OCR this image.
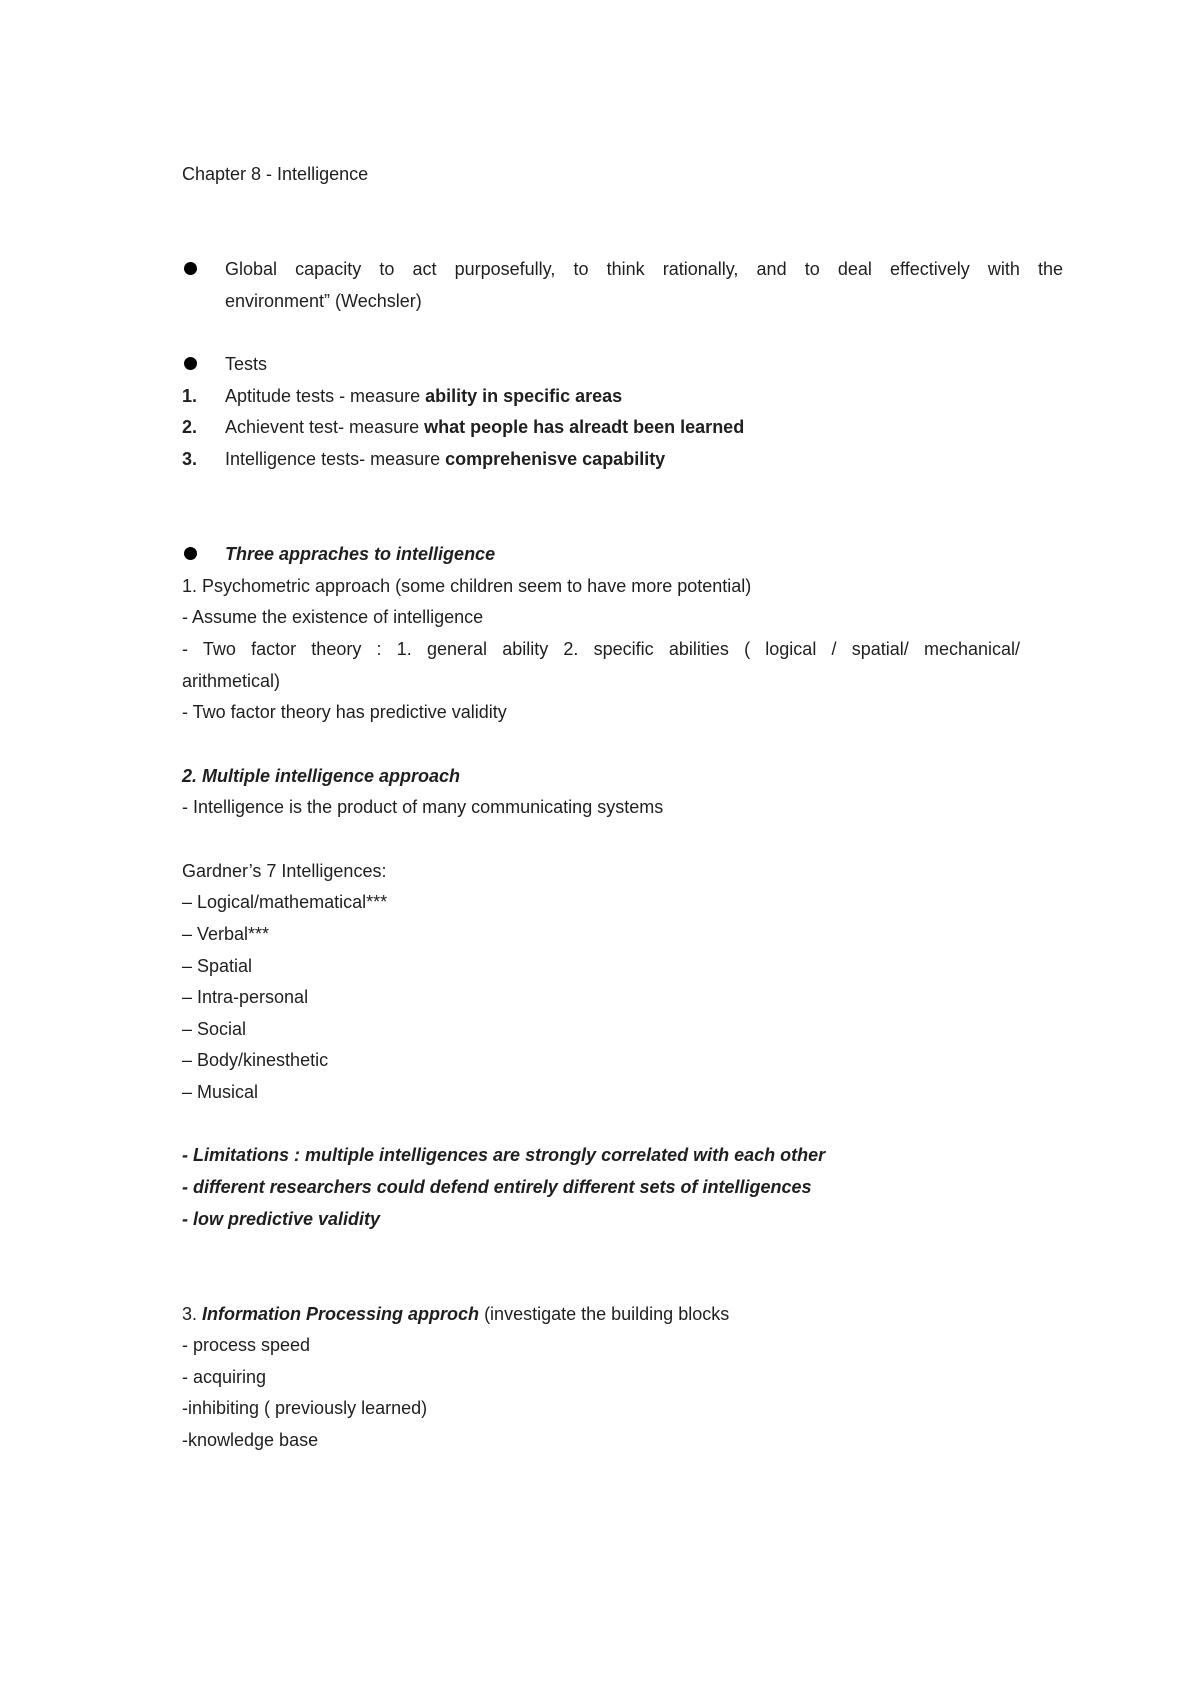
Chapter 8 - Intelligence
Global capacity to act purposefully, to think rationally, and to deal effectively with the
environment” (Wechsler)
Tests
1. Aptitude tests - measure ability in specific areas
2. Achievent test- measure what people has alreadt been learned
3. Intelligence tests- measure comprehenisve capability
Three appraches to intelligence
1. Psychometric approach (some children seem to have more potential)
- Assume the existence of intelligence
- Two factor theory : 1. general ability 2. specific abilities ( logical / spatial/ mechanical/
arithmetical)
- Two factor theory has predictive validity
2. Multiple intelligence approach
- Intelligence is the product of many communicating systems
Gardner’s 7 Intelligences:
– Logical/mathematical***
– Verbal***
– Spatial
– Intra-personal
– Social
– Body/kinesthetic
– Musical
- Limitations : multiple intelligences are strongly correlated with each other
- different researchers could defend entirely different sets of intelligences
- low predictive validity
3. Information Processing approch (investigate the building blocks
- process speed
- acquiring
-inhibiting ( previously learned)
-knowledge base
